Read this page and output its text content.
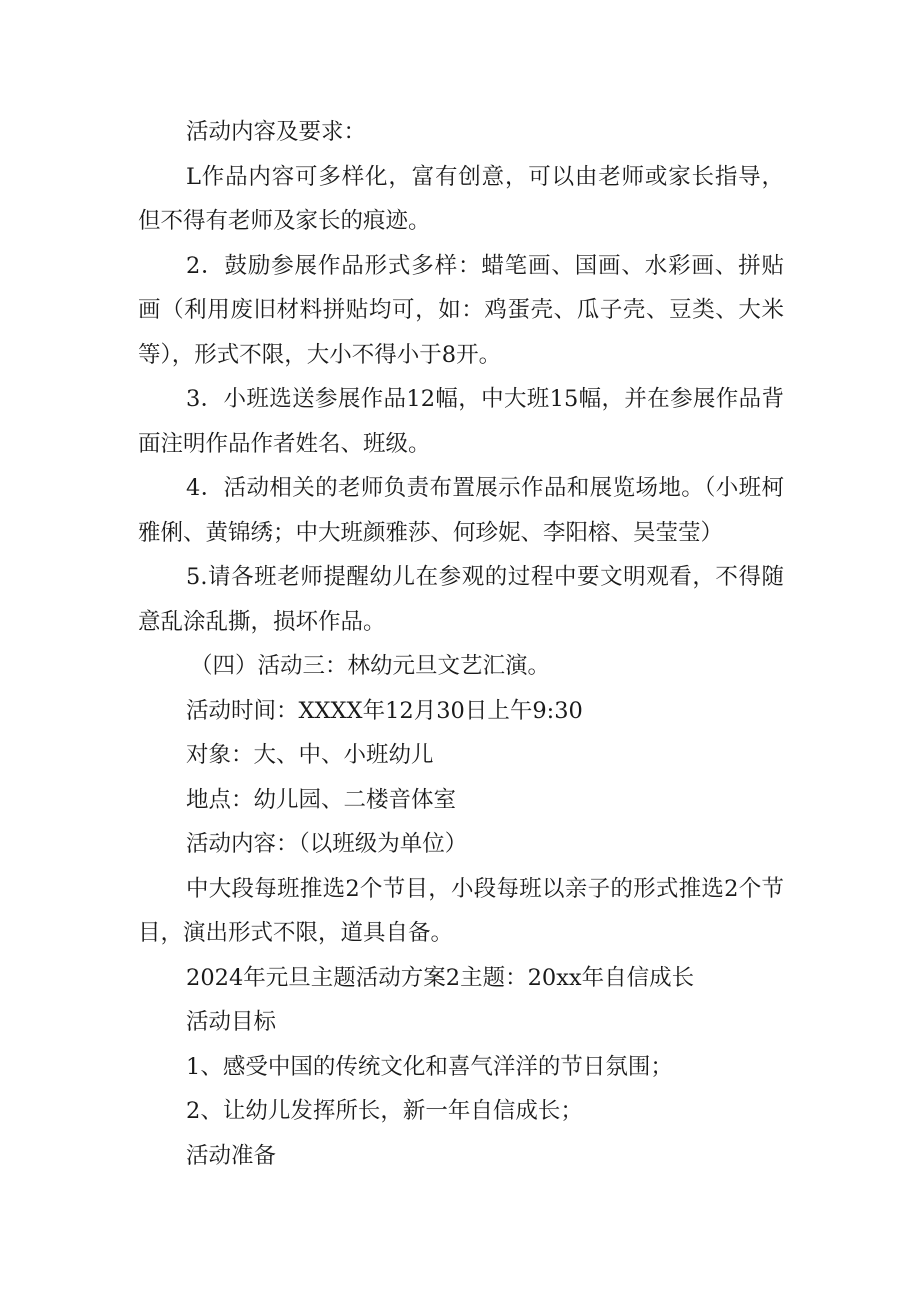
活动内容及要求：

L作品内容可多样化，富有创意，可以由老师或家长指导，但不得有老师及家长的痕迹。

2．鼓励参展作品形式多样：蜡笔画、国画、水彩画、拼贴画（利用废旧材料拼贴均可，如：鸡蛋壳、瓜子壳、豆类、大米等），形式不限，大小不得小于8开。

3．小班选送参展作品12幅，中大班15幅，并在参展作品背面注明作品作者姓名、班级。

4．活动相关的老师负责布置展示作品和展览场地。（小班柯雅俐、黄锦绣；中大班颜雅莎、何珍妮、李阳榕、吴莹莹）

5.请各班老师提醒幼儿在参观的过程中要文明观看，不得随意乱涂乱撕，损坏作品。

（四）活动三：林幼元旦文艺汇演。

活动时间：XXXX年12月30日上午9:30

对象：大、中、小班幼儿

地点：幼儿园、二楼音体室

活动内容：（以班级为单位）

中大段每班推选2个节目，小段每班以亲子的形式推选2个节目，演出形式不限，道具自备。

2024年元旦主题活动方案2主题：20xx年自信成长

活动目标

1、感受中国的传统文化和喜气洋洋的节日氛围；

2、让幼儿发挥所长，新一年自信成长；

活动准备
